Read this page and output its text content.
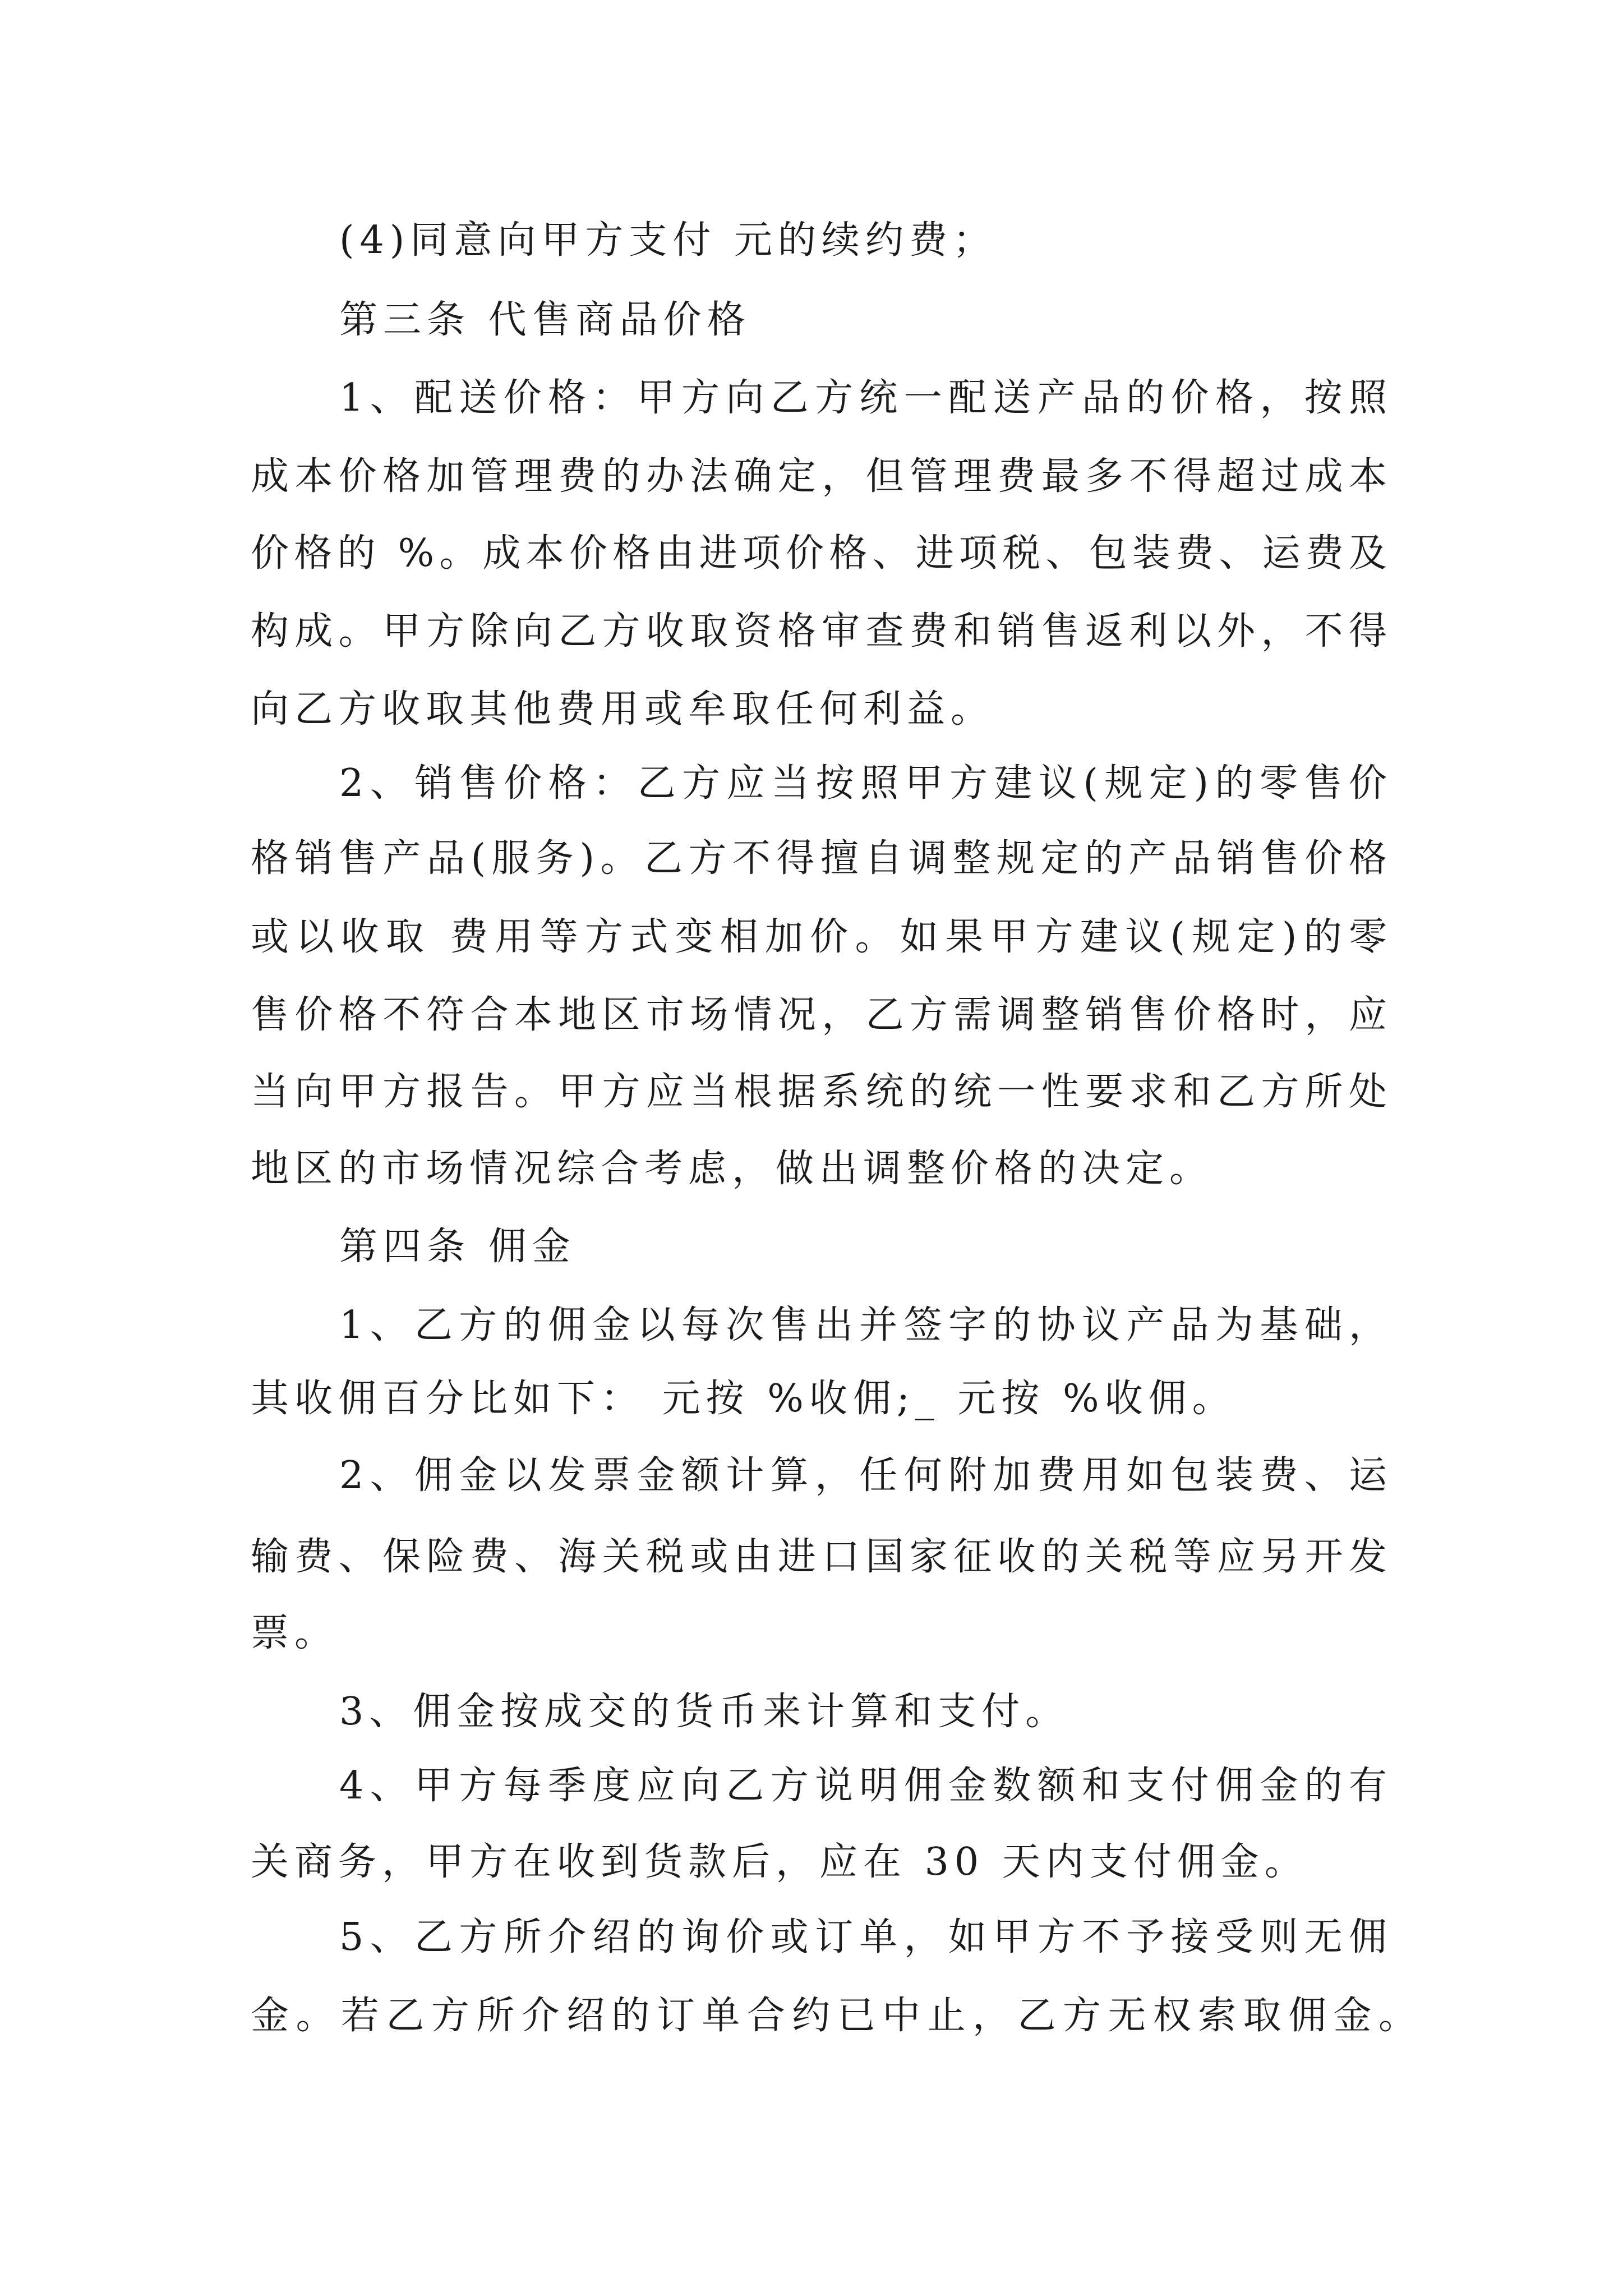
(4)同意向甲方支付 元的续约费；
第三条 代售商品价格
1、配送价格：甲方向乙方统一配送产品的价格，按照
成本价格加管理费的办法确定，但管理费最多不得超过成本
价格的 %。成本价格由进项价格、进项税、包装费、运费及
构成。甲方除向乙方收取资格审查费和销售返利以外，不得
向乙方收取其他费用或牟取任何利益。
2、销售价格：乙方应当按照甲方建议(规定)的零售价
格销售产品(服务)。乙方不得擅自调整规定的产品销售价格
或以收取 费用等方式变相加价。如果甲方建议(规定)的零
售价格不符合本地区市场情况，乙方需调整销售价格时，应
当向甲方报告。甲方应当根据系统的统一性要求和乙方所处
地区的市场情况综合考虑，做出调整价格的决定。
第四条 佣金
1、乙方的佣金以每次售出并签字的协议产品为基础，
其收佣百分比如下： 元按 %收佣;_ 元按 %收佣。
2、佣金以发票金额计算，任何附加费用如包装费、运
输费、保险费、海关税或由进口国家征收的关税等应另开发
票。
3、佣金按成交的货币来计算和支付。
4、甲方每季度应向乙方说明佣金数额和支付佣金的有
关商务，甲方在收到货款后，应在 30 天内支付佣金。
5、乙方所介绍的询价或订单，如甲方不予接受则无佣
金。若乙方所介绍的订单合约已中止，乙方无权索取佣金。
